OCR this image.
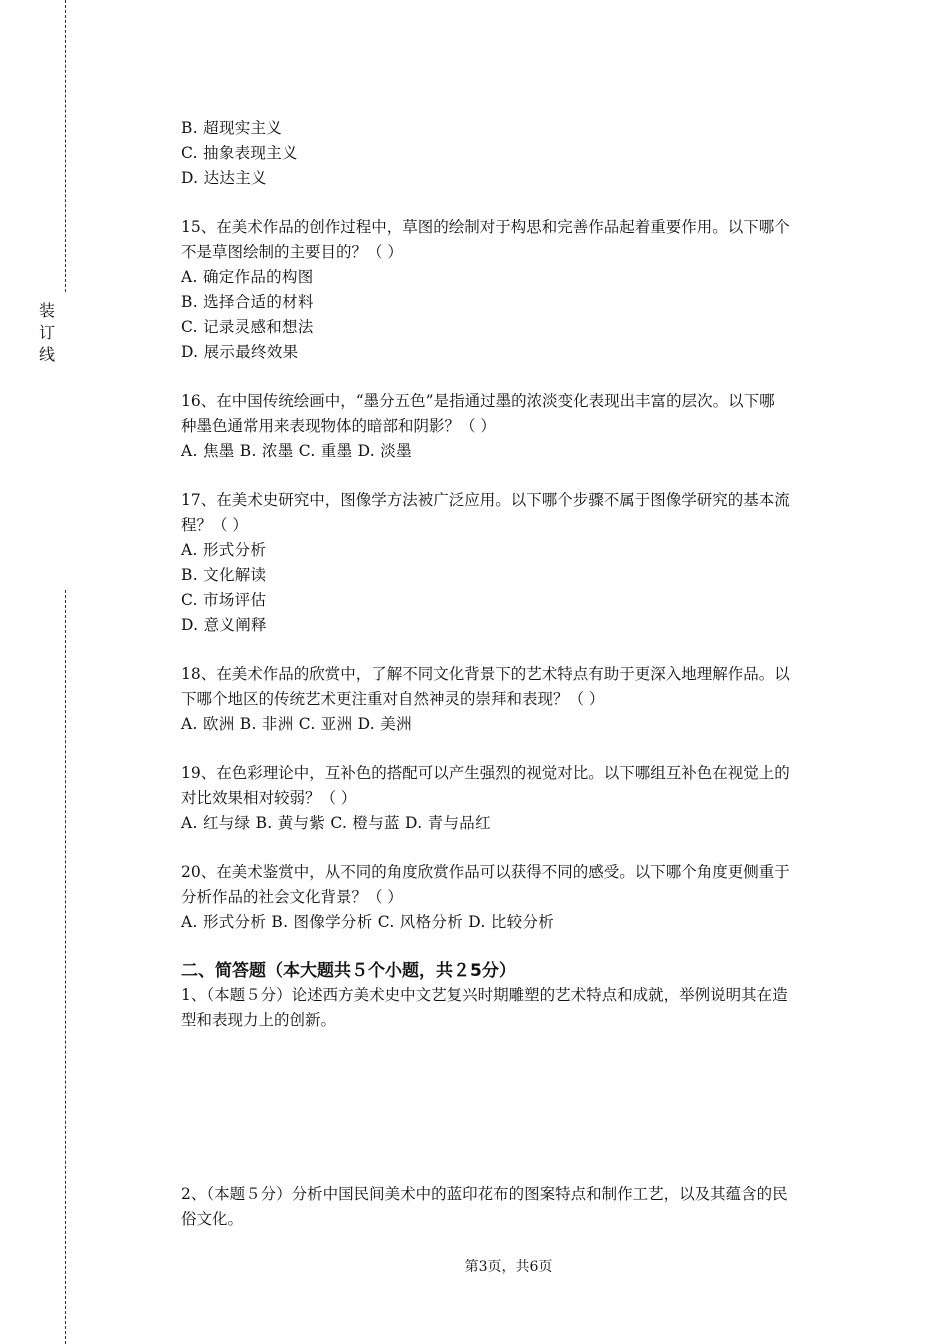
装
订
线
B. 超现实主义
C. 抽象表现主义
D. 达达主义
15、在美术作品的创作过程中，草图的绘制对于构思和完善作品起着重要作用。以下哪个
不是草图绘制的主要目的？（ ）
A. 确定作品的构图
B. 选择合适的材料
C. 记录灵感和想法
D. 展示最终效果
16、在中国传统绘画中，“墨分五色”是指通过墨的浓淡变化表现出丰富的层次。以下哪
种墨色通常用来表现物体的暗部和阴影？（ ）
A. 焦墨 B. 浓墨 C. 重墨 D. 淡墨
17、在美术史研究中，图像学方法被广泛应用。以下哪个步骤不属于图像学研究的基本流
程？（ ）
A. 形式分析
B. 文化解读
C. 市场评估
D. 意义阐释
18、在美术作品的欣赏中，了解不同文化背景下的艺术特点有助于更深入地理解作品。以
下哪个地区的传统艺术更注重对自然神灵的崇拜和表现？（ ）
A. 欧洲 B. 非洲 C. 亚洲 D. 美洲
19、在色彩理论中，互补色的搭配可以产生强烈的视觉对比。以下哪组互补色在视觉上的
对比效果相对较弱？（ ）
A. 红与绿 B. 黄与紫 C. 橙与蓝 D. 青与品红
20、在美术鉴赏中，从不同的角度欣赏作品可以获得不同的感受。以下哪个角度更侧重于
分析作品的社会文化背景？（ ）
A. 形式分析 B. 图像学分析 C. 风格分析 D. 比较分析
二、简答题（本大题共５个小题，共２5分）
1、（本题５分）论述西方美术史中文艺复兴时期雕塑的艺术特点和成就，举例说明其在造
型和表现力上的创新。
2、（本题５分）分析中国民间美术中的蓝印花布的图案特点和制作工艺，以及其蕴含的民
俗文化。
第3页，共6页
